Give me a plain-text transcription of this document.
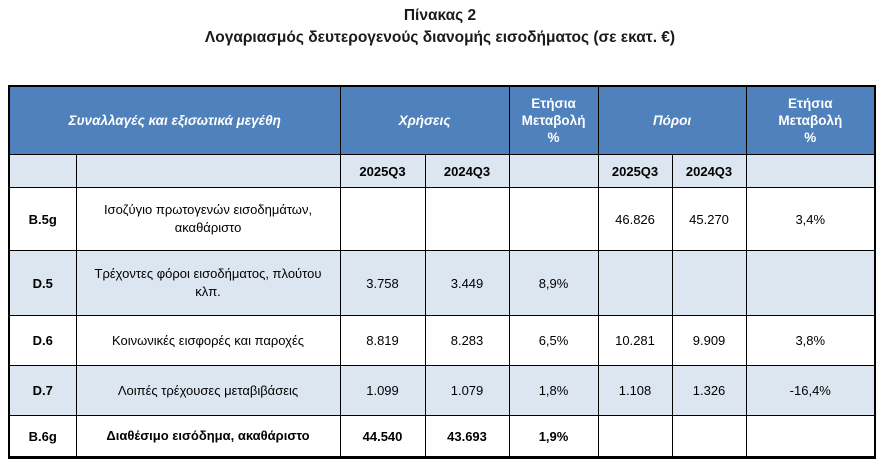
Πίνακας 2
Λογαριασμός δευτερογενούς διανομής εισοδήματος (σε εκατ. €)
Συναλλαγές και εξισωτικά μεγέθη		Χρήσεις		Ετήσια Μεταβολή %	Πόροι		Ετήσια Μεταβολή %
		2025Q3	2024Q3		2025Q3	2024Q3	
B.5g	Ισοζύγιο πρωτογενών εισοδημάτων, ακαθάριστο				46.826	45.270	3,4%
D.5	Τρέχοντες φόροι εισοδήματος, πλούτου κλπ.	3.758	3.449	8,9%			
D.6	Κοινωνικές εισφορές και παροχές	8.819	8.283	6,5%	10.281	9.909	3,8%
D.7	Λοιπές τρέχουσες μεταβιβάσεις	1.099	1.079	1,8%	1.108	1.326	-16,4%
B.6g	Διαθέσιμο εισόδημα, ακαθάριστο	44.540	43.693	1,9%			
